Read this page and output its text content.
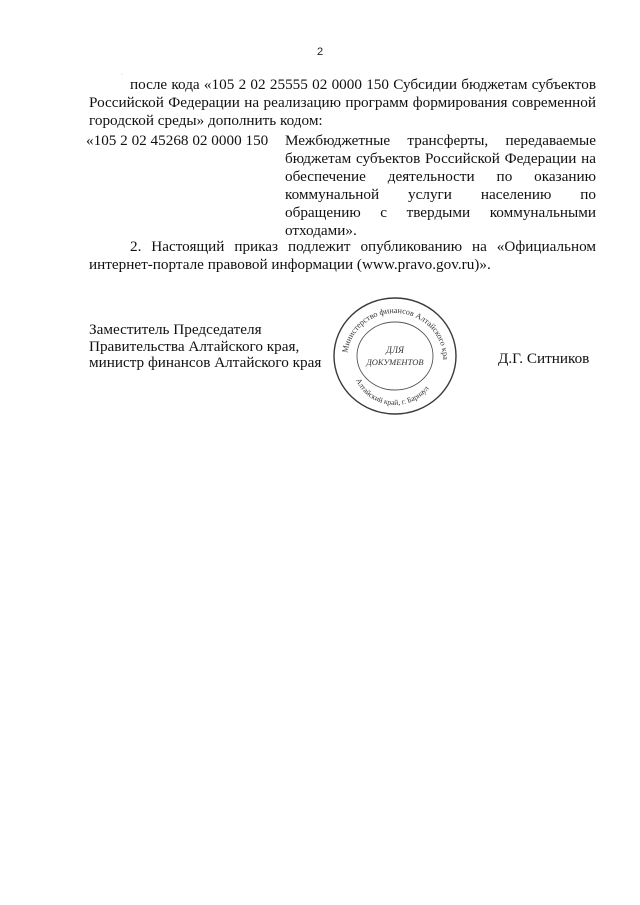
2
·
после кода «105 2 02 25555 02 0000 150 Субсидии бюджетам субъектов Российской Федерации на реализацию программ формирования современной городской среды» дополнить кодом:
«105 2 02 45268 02 0000 150 Межбюджетные трансферты, передаваемые бюджетам субъектов Российской Федерации на обеспечение деятельности по оказанию коммунальной услуги населению по обращению с твердыми коммунальными отходами».
2. Настоящий приказ подлежит опубликованию на «Официальном интернет-портале правовой информации (www.pravo.gov.ru)».
Заместитель Председателя
Правительства Алтайского края,
министр финансов Алтайского края
Министерство финансов Алтайского кра
Алтайский край, г. Барнаул
ДЛЯ
ДОКУМЕНТОВ	Д.Г. Ситников
